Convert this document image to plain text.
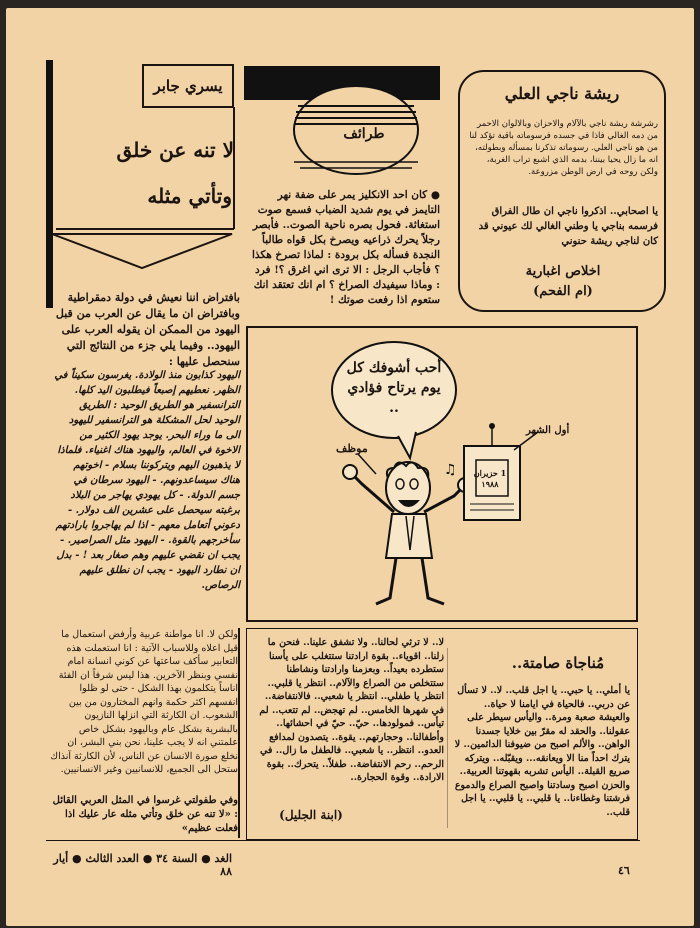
يسري جابر
لا تنه عن خلق
وتأتي مثله
بافتراض اننا نعيش في دولة دمقراطية وبافتراض ان ما يقال عن العرب من قبل اليهود من الممكن ان يقوله العرب على اليهود.. وفيما يلي جزء من النتائج التي سنحصل عليها :
اليهود كذابون منذ الولادة. يغرسون سكيناً في الظهر. نعطيهم إصبعاً فيطلبون اليد كلها. الترانسفير هو الطريق الوحيد : الطريق الوحيد لحل المشكلة هو الترانسفير لليهود الى ما وراء البحر. يوجد يهود الكثير من الاخوة في العالم، واليهود هناك اغنياء. فلماذا لا يذهبون اليهم ويتركوننا بسلام - اخوتهم هناك سيساعدونهم. - اليهود سرطان في جسم الدولة. - كل يهودي يهاجر من البلاد برغبته سيحصل على عشرين الف دولار. - دعوني أتعامل معهم - اذا لم يهاجروا بارادتهم سأخرجهم بالقوة. - اليهود مثل الصراصير. - يجب ان نقضي عليهم وهم صغار بعد ! - بدل ان نطارد اليهود - يجب ان نطلق عليهم الرصاص.
ولكن لا. انا مواطنة عربية وأرفض استعمال ما قيل اعلاه وللاسباب الآتية : انا استعملت هذه التعابير سأكف ساعتها عن كوني انسانة امام نفسي وبنظر الآخرين. هذا ليس شرفاً ان الفئة اناساً يتكلمون بهذا الشكل - حتى لو ظلوا انفسهم اكثر حكمة وانهم المختارون من بين الشعوب. ان الكارثة التي انزلها النازيون بالبشرية بشكل عام وباليهود بشكل خاص علمتني انه لا يجب علينا، نحن بني البشر، ان نخلع صورة الانسان عن الناس، لأن الكارثة آنذاك ستحل الى الجميع، للانسانيين وغير الانسانيين.
وفي طفولتي غرسوا في المثل العربي القائل : «لا تنه عن خلق وتأتي مثله عار عليك اذا فعلت عظيم»
طرائف
● كان احد الانكليز يمر على ضفة نهر التايمز في يوم شديد الضباب فسمع صوت استغاثة. فحول بصره ناحية الصوت.. فأبصر رجلاً يحرك ذراعيه ويصرخ بكل قواه طالباً النجدة فسأله بكل برودة : لماذا تصرخ هكذا ؟ فأجاب الرجل : الا ترى اني اغرق ؟! فرد : وماذا سيفيدك الصراخ ؟ ام انك تعتقد انك ستعوم اذا رفعت صوتك !
ريشة ناجي العلي
رشرشة ريشة ناجي بالآلام والاحزان وبالالوان الاحمر من دمه الغالي فاذا في جسده فرسوماته باقية تؤكد لنا من هو ناجي العلي. رسوماته تذكرنا بمسأله وبطولته، انه ما زال يحيا بيننا، بدمه الذي اشبع تراب الغربة، ولكن روحه في ارض الوطن مزروعة.
يا اصحابي.. اذكروا ناجي ان طال الفراق فرسمه بناجي يا وطني الغالي لك عيوني قد كان لناجي ريشة حنوني
اخلاص اغبارية
(ام الفحم)
♫
أحب أشوفك كل يوم يرتاح فؤادي ..
موظف
أول الشهر
1 حزيران ١٩٨٨
مُناجاة صامتة..
يا أملي.. يا حبي.. يا اجل قلب.. لا.. لا تسأل عن دربي.. فالحياة في ايامنا لا حياة.. والعيشة صعبة ومرة.. واليأس سيطر على عقولنا.. والحقد له مقرّ بين خلايا جسدنا الواهن.. والألم اصبح من ضيوفنا الدائمين.. لا يترك احداً منا الا ويعانقه... ويقبّله.. ويتركه صريع القبلة.. اليأس تشربه بقهوتنا العربية.. والحزن اصبح وسادتنا واصبح الصراع والدموع فرشتنا وغطاءنا.. يا قلبي.. يا قلبي.. يا اجل قلب..
لا.. لا ترثي لحالنا.. ولا تشفق علينا.. فنحن ما زلنا.. اقوياء.. بقوة ارادتنا ستتغلب على يأسنا ستطرده بعيداً.. وبعزمنا وارادتنا ونشاطنا ستتخلص من الصراع والآلام.. انتظر يا قلبي.. انتظر يا طفلي.. انتظر يا شعبي.. فالانتفاضة.. في شهرها الخامس.. لم تهجض.. لم تتعب.. لم تيأس.. فمولودها.. حيّ.. حيّ في احشائها.. وأطفالنا.. وحجارتهم.. يقوة.. يتصدون لمدافع العدو.. انتظر.. يا شعبي.. فالطفل ما زال.. في الرحم.. رحم الانتفاضة.. طفلاً.. يتحرك.. بقوة الارادة.. وقوة الحجارة..
(ابنة الجليل)
الغد ● السنة ٣٤ ● العدد الثالث ● أيار ٨٨	٤٦
